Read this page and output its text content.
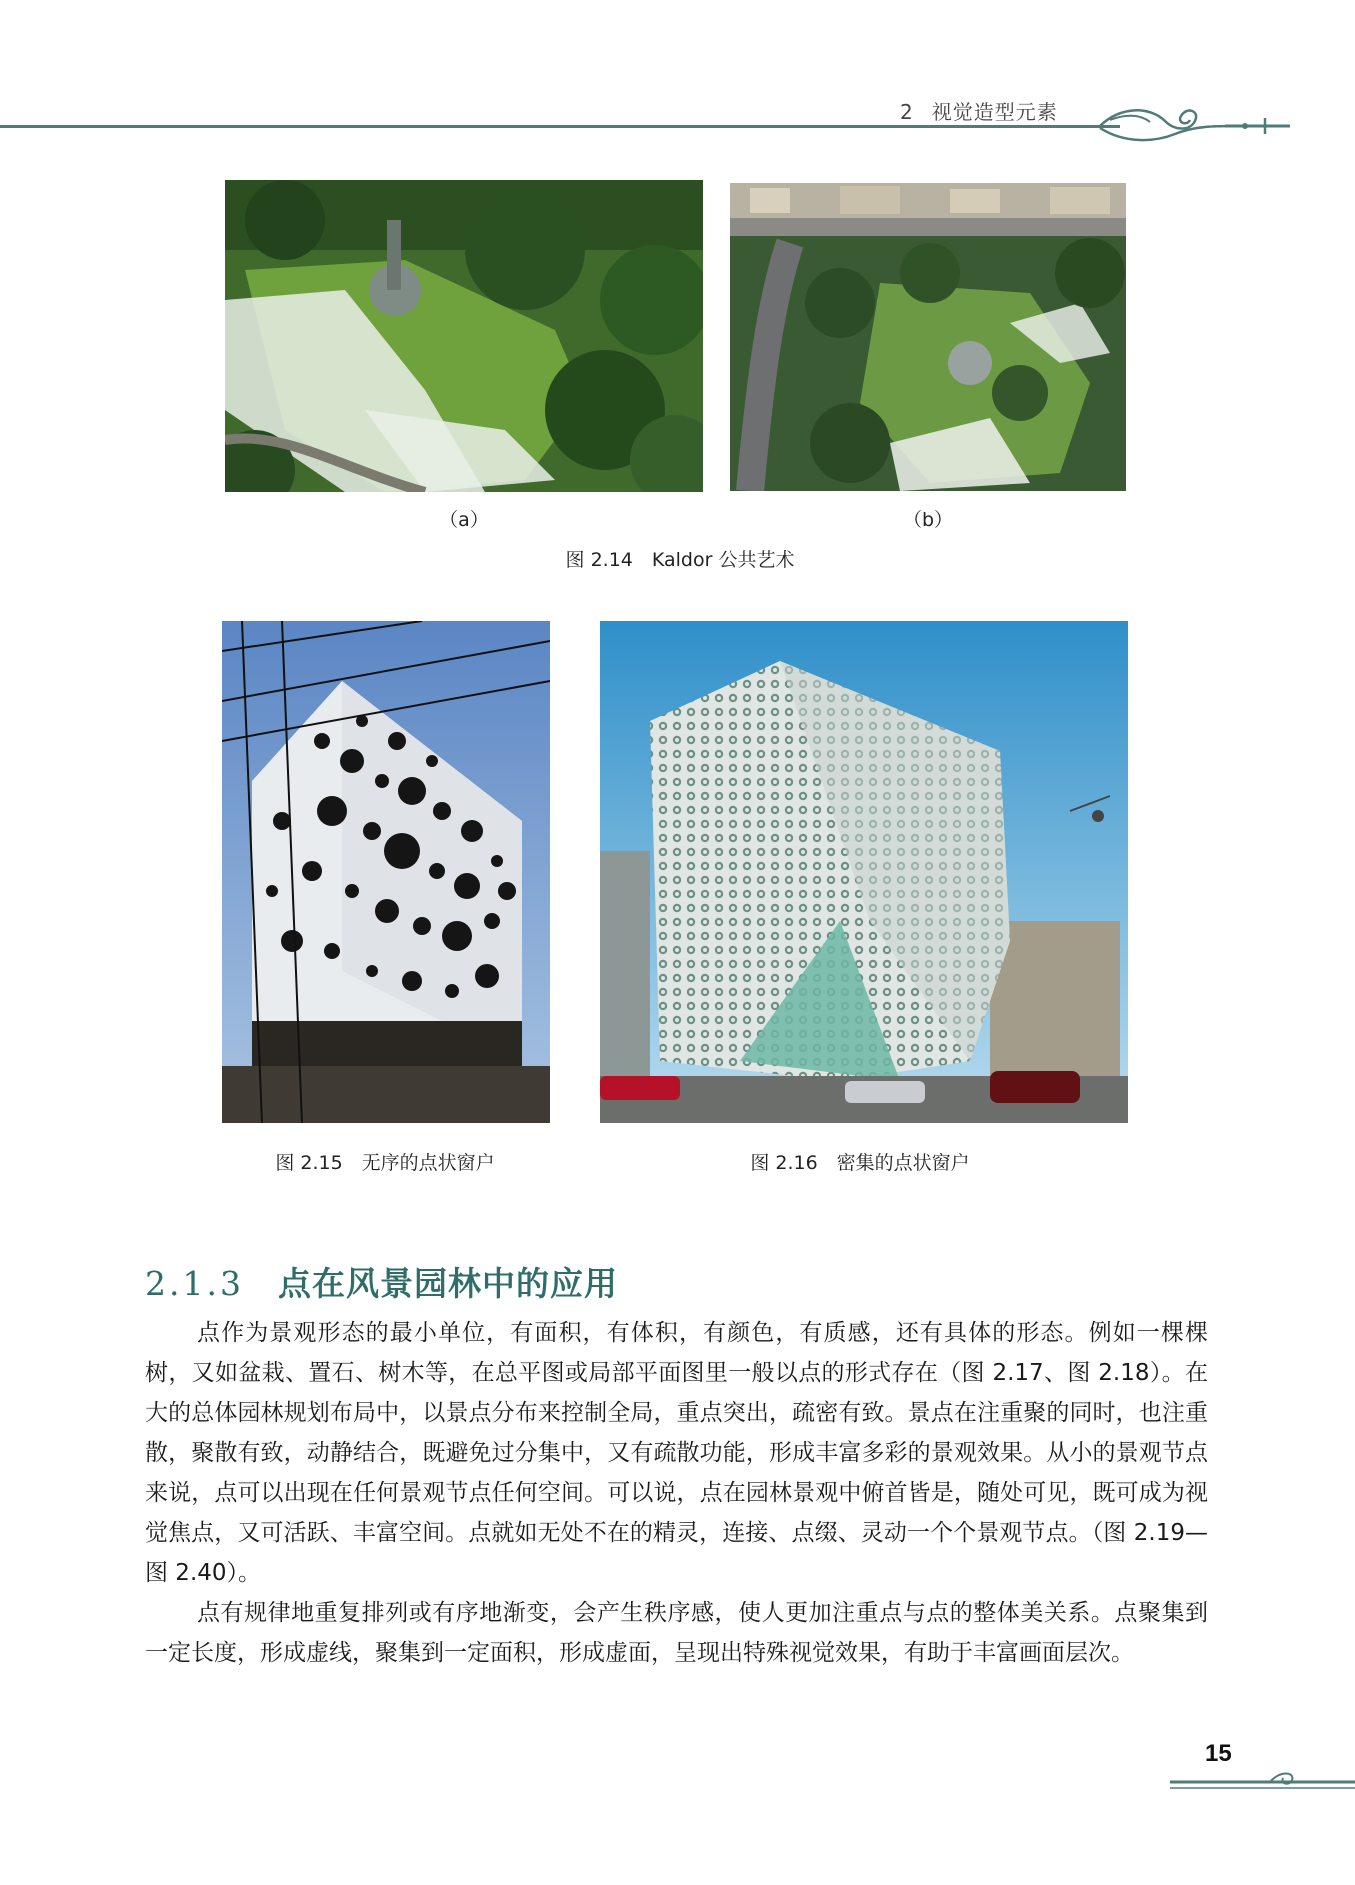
2 视觉造型元素
（a）	（b）
图 2.14　Kaldor 公共艺术
图 2.15　无序的点状窗户	图 2.16　密集的点状窗户
2.1.3 点在风景园林中的应用

点作为景观形态的最小单位，有面积，有体积，有颜色，有质感，还有具体的形态。例如一棵棵树，又如盆栽、置石、树木等，在总平图或局部平面图里一般以点的形式存在（图 2.17、图 2.18）。在大的总体园林规划布局中，以景点分布来控制全局，重点突出，疏密有致。景点在注重聚的同时，也注重散，聚散有致，动静结合，既避免过分集中，又有疏散功能，形成丰富多彩的景观效果。从小的景观节点来说，点可以出现在任何景观节点任何空间。可以说，点在园林景观中俯首皆是，随处可见，既可成为视觉焦点，又可活跃、丰富空间。点就如无处不在的精灵，连接、点缀、灵动一个个景观节点。（图 2.19—图 2.40）。

点有规律地重复排列或有序地渐变，会产生秩序感，使人更加注重点与点的整体美关系。点聚集到一定长度，形成虚线，聚集到一定面积，形成虚面，呈现出特殊视觉效果，有助于丰富画面层次。

15
